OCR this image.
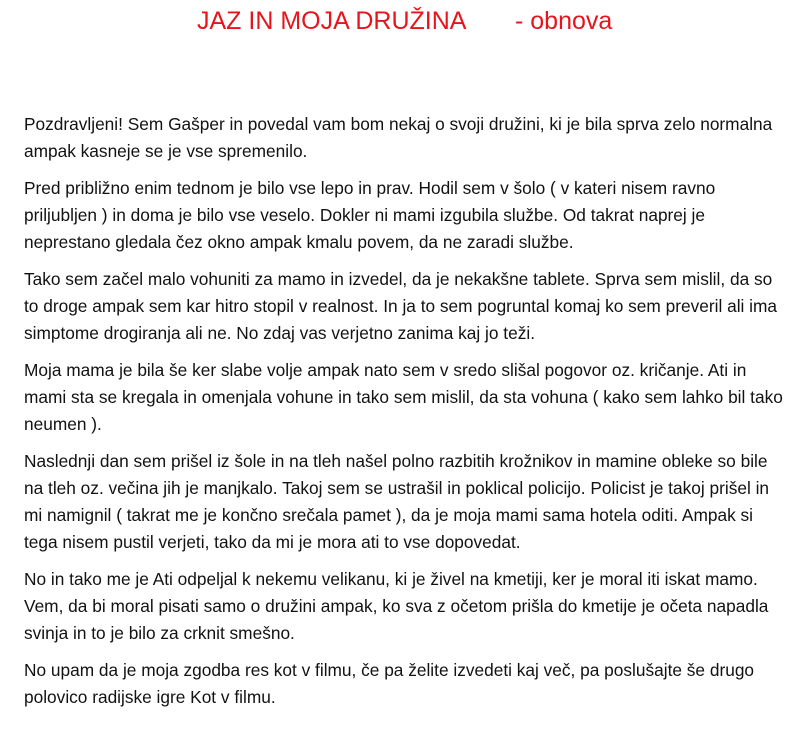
JAZ IN MOJA DRUŽINA - obnova

Pozdravljeni! Sem Gašper in povedal vam bom nekaj o svoji družini, ki je bila sprva zelo normalna ampak kasneje se je vse spremenilo.

Pred približno enim tednom je bilo vse lepo in prav. Hodil sem v šolo ( v kateri nisem ravno priljubljen ) in doma je bilo vse veselo. Dokler ni mami izgubila službe. Od takrat naprej je neprestano gledala čez okno ampak kmalu povem, da ne zaradi službe.

Tako sem začel malo vohuniti za mamo in izvedel, da je nekakšne tablete. Sprva sem mislil, da so to droge ampak sem kar hitro stopil v realnost. In ja to sem pogruntal komaj ko sem preveril ali ima simptome drogiranja ali ne. No zdaj vas verjetno zanima kaj jo teži.

Moja mama je bila še ker slabe volje ampak nato sem v sredo slišal pogovor oz. kričanje. Ati in mami sta se kregala in omenjala vohune in tako sem mislil, da sta vohuna ( kako sem lahko bil tako neumen ).

Naslednji dan sem prišel iz šole in na tleh našel polno razbitih krožnikov in mamine obleke so bile na tleh oz. večina jih je manjkalo. Takoj sem se ustrašil in poklical policijo. Policist je takoj prišel in mi namignil ( takrat me je končno srečala pamet ), da je moja mami sama hotela oditi. Ampak si tega nisem pustil verjeti, tako da mi je mora ati to vse dopovedat.

No in tako me je Ati odpeljal k nekemu velikanu, ki je živel na kmetiji, ker je moral iti iskat mamo. Vem, da bi moral pisati samo o družini ampak, ko sva z očetom prišla do kmetije je očeta napadla svinja in to je bilo za crknit smešno.

No upam da je moja zgodba res kot v filmu, če pa želite izvedeti kaj več, pa poslušajte še drugo polovico radijske igre Kot v filmu.
